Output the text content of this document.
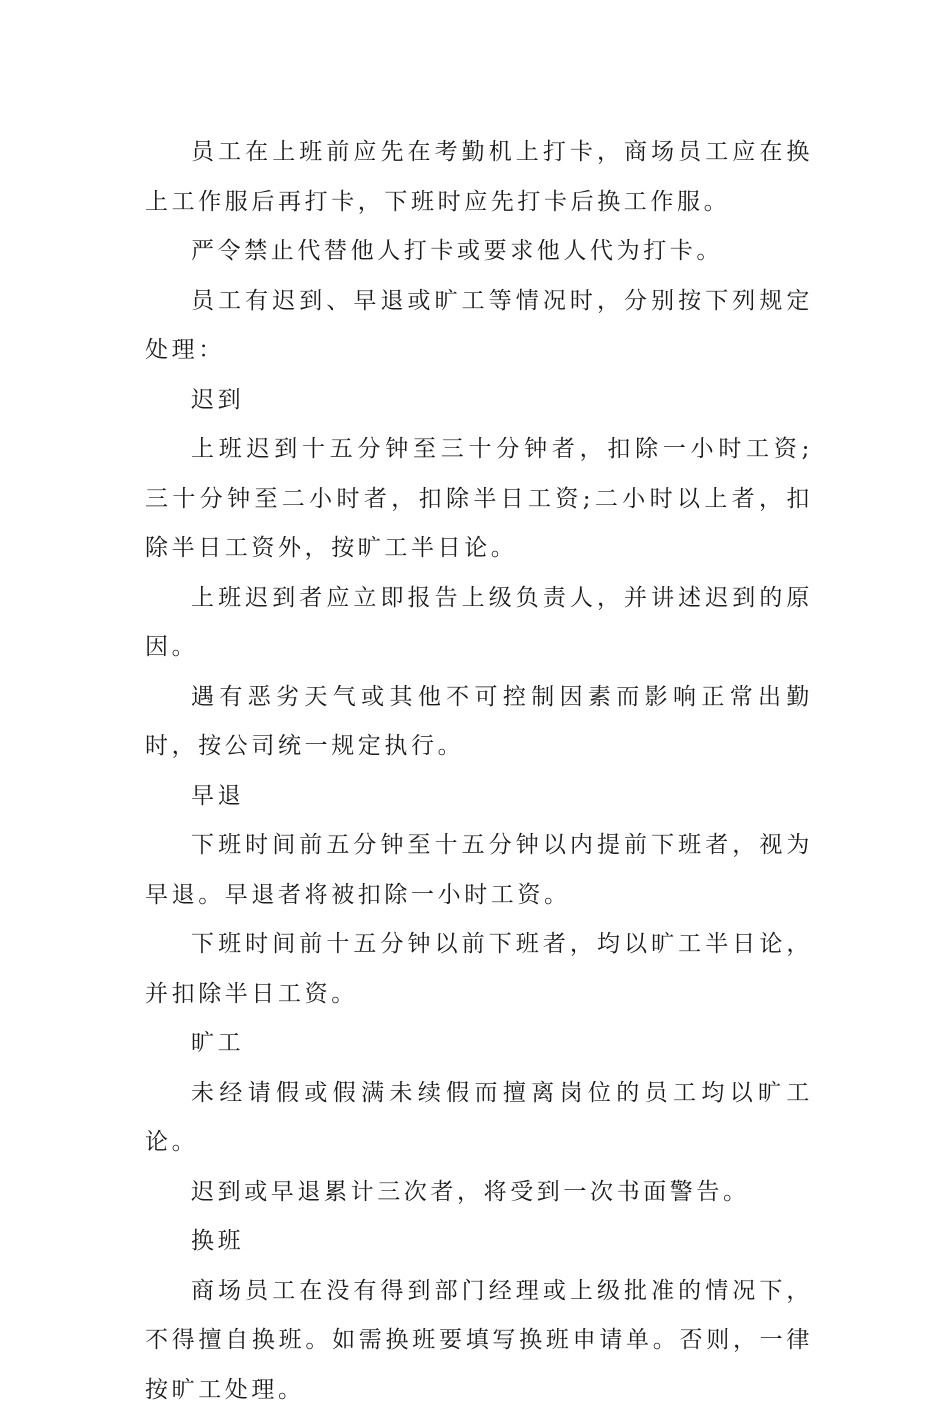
员工在上班前应先在考勤机上打卡，商场员工应在换上工作服后再打卡，下班时应先打卡后换工作服。

严令禁止代替他人打卡或要求他人代为打卡。

员工有迟到、早退或旷工等情况时，分别按下列规定处理：

迟到

上班迟到十五分钟至三十分钟者，扣除一小时工资;三十分钟至二小时者，扣除半日工资;二小时以上者，扣除半日工资外，按旷工半日论。

上班迟到者应立即报告上级负责人，并讲述迟到的原因。

遇有恶劣天气或其他不可控制因素而影响正常出勤时，按公司统一规定执行。

早退

下班时间前五分钟至十五分钟以内提前下班者，视为早退。早退者将被扣除一小时工资。

下班时间前十五分钟以前下班者，均以旷工半日论，并扣除半日工资。

旷工

未经请假或假满未续假而擅离岗位的员工均以旷工论。

迟到或早退累计三次者，将受到一次书面警告。

换班

商场员工在没有得到部门经理或上级批准的情况下，不得擅自换班。如需换班要填写换班申请单。否则，一律按旷工处理。
